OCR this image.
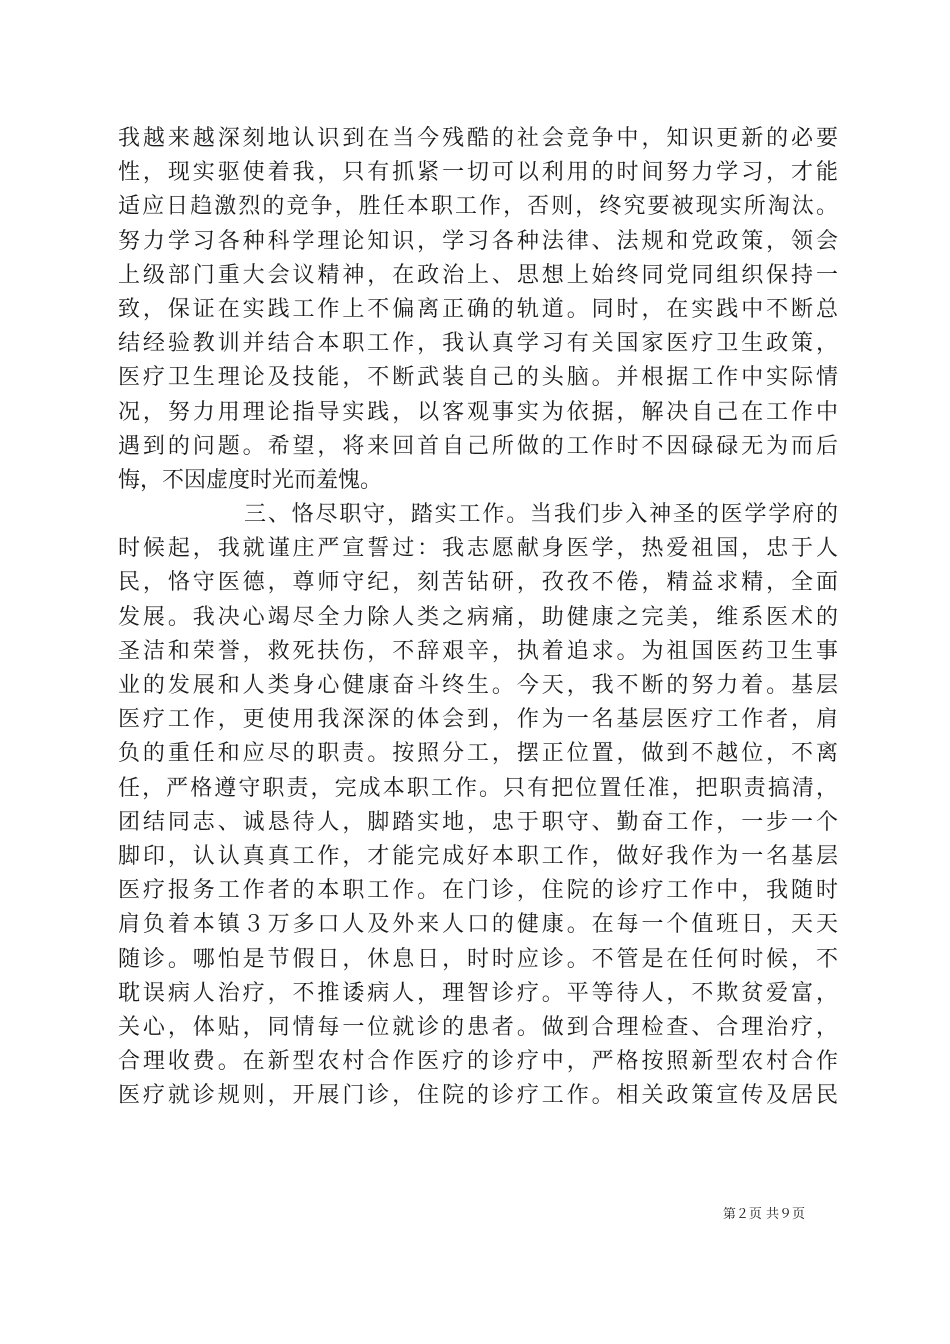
我越来越深刻地认识到在当今残酷的社会竞争中，知识更新的必要
性，现实驱使着我，只有抓紧一切可以利用的时间努力学习，才能
适应日趋激烈的竞争，胜任本职工作，否则，终究要被现实所淘汰。
努力学习各种科学理论知识，学习各种法律、法规和党政策，领会
上级部门重大会议精神，在政治上、思想上始终同党同组织保持一
致，保证在实践工作上不偏离正确的轨道。同时，在实践中不断总
结经验教训并结合本职工作，我认真学习有关国家医疗卫生政策，
医疗卫生理论及技能，不断武装自己的头脑。并根据工作中实际情
况，努力用理论指导实践，以客观事实为依据，解决自己在工作中
遇到的问题。希望，将来回首自己所做的工作时不因碌碌无为而后
悔，不因虚度时光而羞愧。
三、恪尽职守，踏实工作。当我们步入神圣的医学学府的
时候起，我就谨庄严宣誓过：我志愿献身医学，热爱祖国，忠于人
民，恪守医德，尊师守纪，刻苦钻研，孜孜不倦，精益求精，全面
发展。我决心竭尽全力除人类之病痛，助健康之完美，维系医术的
圣洁和荣誉，救死扶伤，不辞艰辛，执着追求。为祖国医药卫生事
业的发展和人类身心健康奋斗终生。今天，我不断的努力着。基层
医疗工作，更使用我深深的体会到，作为一名基层医疗工作者，肩
负的重任和应尽的职责。按照分工，摆正位置，做到不越位，不离
任，严格遵守职责，完成本职工作。只有把位置任准，把职责搞清，
团结同志、诚恳待人，脚踏实地，忠于职守、勤奋工作，一步一个
脚印，认认真真工作，才能完成好本职工作，做好我作为一名基层
医疗报务工作者的本职工作。在门诊，住院的诊疗工作中，我随时
肩负着本镇３万多口人及外来人口的健康。在每一个值班日，天天
随诊。哪怕是节假日，休息日，时时应诊。不管是在任何时候，不
耽误病人治疗，不推诿病人，理智诊疗。平等待人，不欺贫爱富，
关心，体贴，同情每一位就诊的患者。做到合理检查、合理治疗，
合理收费。在新型农村合作医疗的诊疗中，严格按照新型农村合作
医疗就诊规则，开展门诊，住院的诊疗工作。相关政策宣传及居民
第２页 共９页
